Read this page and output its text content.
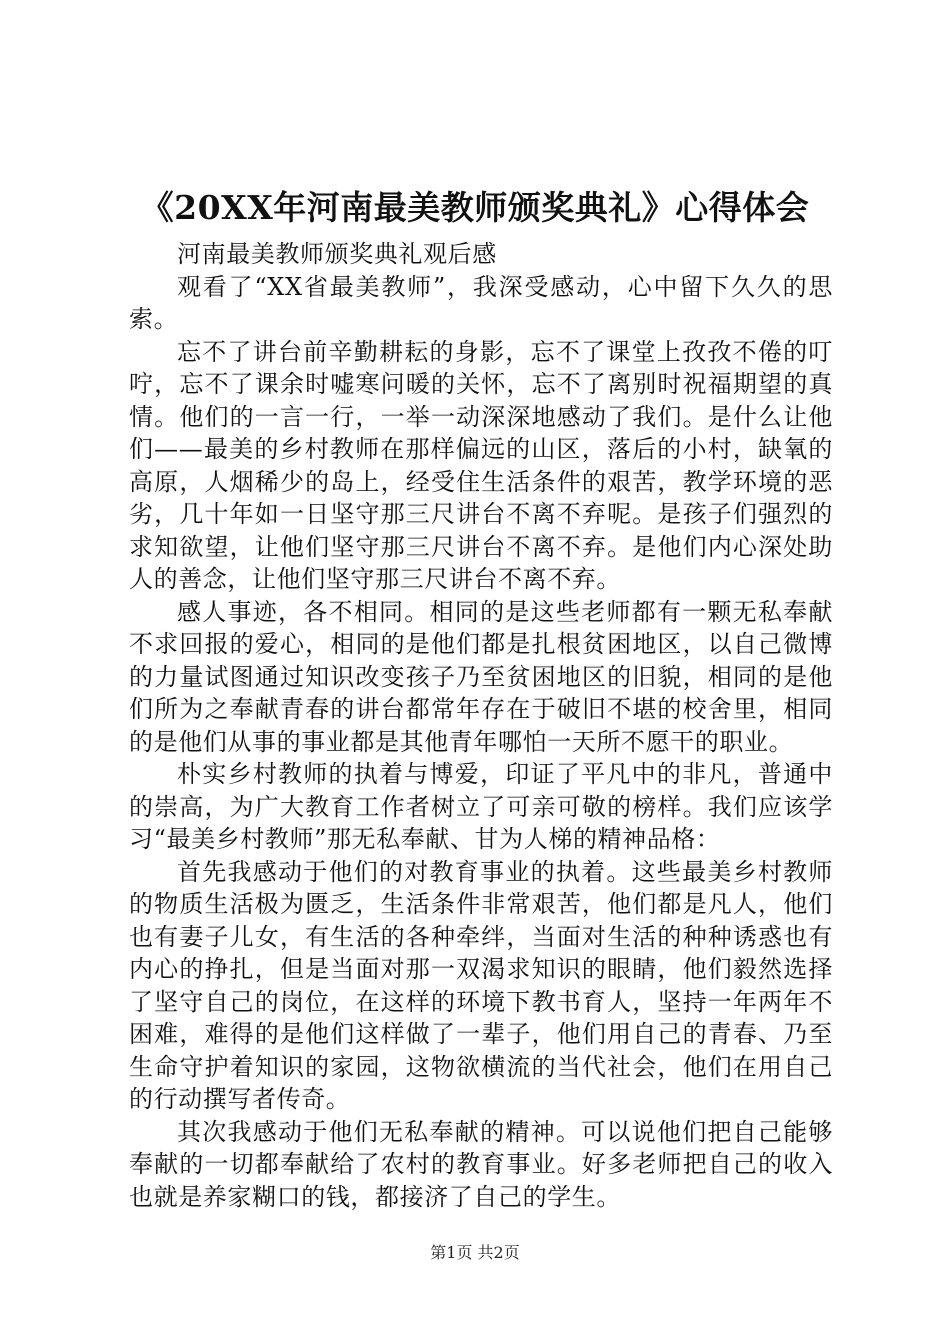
《20XX年河南最美教师颁奖典礼》心得体会

河南最美教师颁奖典礼观后感

观看了“XX省最美教师”，我深受感动，心中留下久久的思索。

忘不了讲台前辛勤耕耘的身影，忘不了课堂上孜孜不倦的叮咛，忘不了课余时嘘寒问暖的关怀，忘不了离别时祝福期望的真情。他们的一言一行，一举一动深深地感动了我们。是什么让他们——最美的乡村教师在那样偏远的山区，落后的小村，缺氧的高原，人烟稀少的岛上，经受住生活条件的艰苦，教学环境的恶劣，几十年如一日坚守那三尺讲台不离不弃呢。是孩子们强烈的求知欲望，让他们坚守那三尺讲台不离不弃。是他们内心深处助人的善念，让他们坚守那三尺讲台不离不弃。

感人事迹，各不相同。相同的是这些老师都有一颗无私奉献不求回报的爱心，相同的是他们都是扎根贫困地区，以自己微博的力量试图通过知识改变孩子乃至贫困地区的旧貌，相同的是他们所为之奉献青春的讲台都常年存在于破旧不堪的校舍里，相同的是他们从事的事业都是其他青年哪怕一天所不愿干的职业。

朴实乡村教师的执着与博爱，印证了平凡中的非凡，普通中的崇高，为广大教育工作者树立了可亲可敬的榜样。我们应该学习“最美乡村教师”那无私奉献、甘为人梯的精神品格：

首先我感动于他们的对教育事业的执着。这些最美乡村教师的物质生活极为匮乏，生活条件非常艰苦，他们都是凡人，他们也有妻子儿女，有生活的各种牵绊，当面对生活的种种诱惑也有内心的挣扎，但是当面对那一双渴求知识的眼睛，他们毅然选择了坚守自己的岗位，在这样的环境下教书育人，坚持一年两年不困难，难得的是他们这样做了一辈子，他们用自己的青春、乃至生命守护着知识的家园，这物欲横流的当代社会，他们在用自己的行动撰写者传奇。

其次我感动于他们无私奉献的精神。可以说他们把自己能够奉献的一切都奉献给了农村的教育事业。好多老师把自己的收入也就是养家糊口的钱，都接济了自己的学生。

第1页 共2页
